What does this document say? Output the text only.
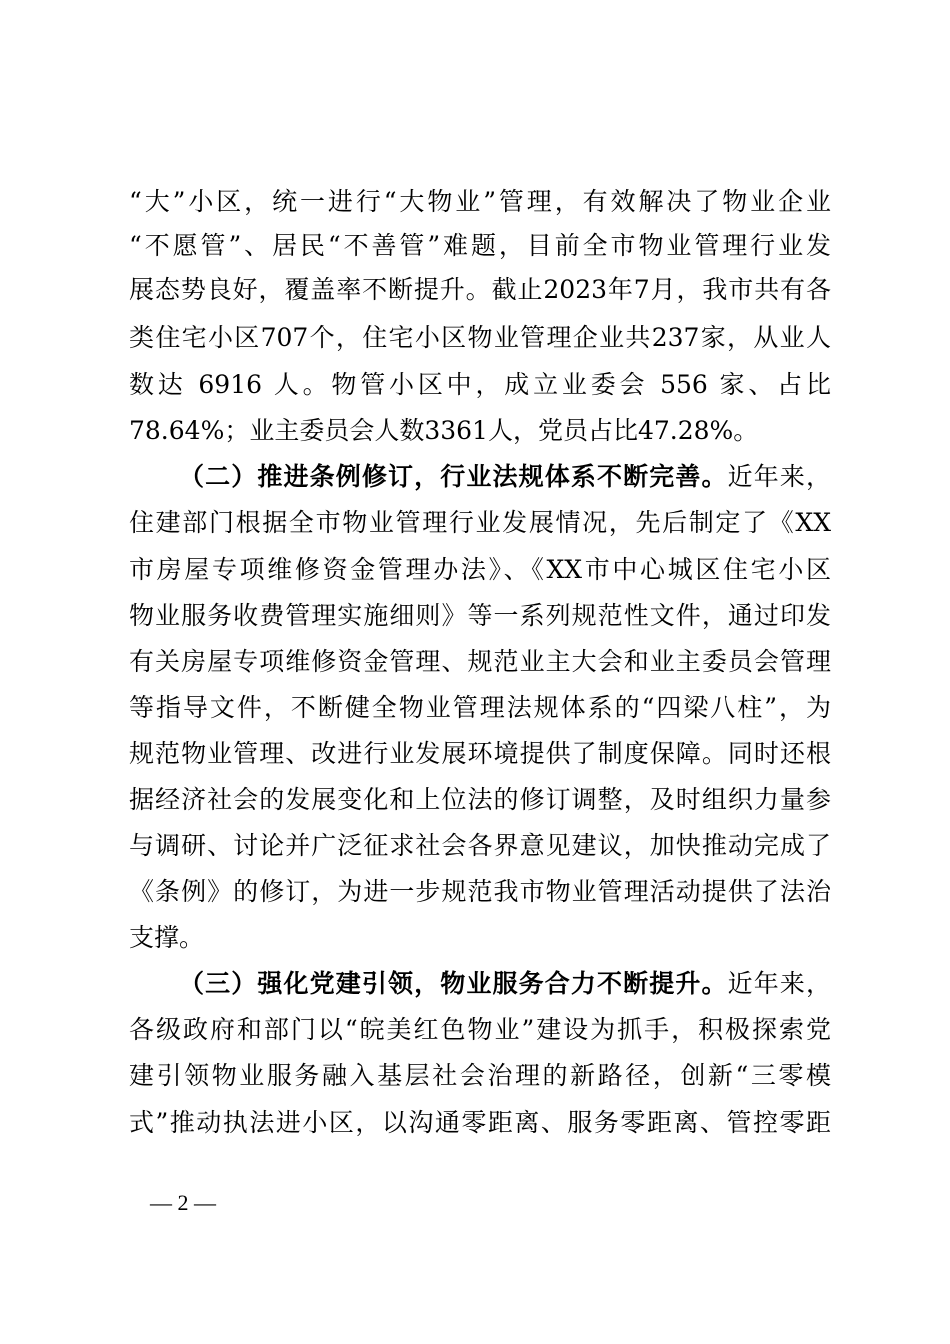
“大”小区，统一进行“大物业”管理，有效解决了物业企业
“不愿管”、居民“不善管”难题，目前全市物业管理行业发
展态势良好，覆盖率不断提升。截止2023年7月，我市共有各
类住宅小区707个，住宅小区物业管理企业共237家，从业人
数达 6916 人。物管小区中，成立业委会 556 家、占比
78.64%；业主委员会人数3361人，党员占比47.28%。
（二）推进条例修订，行业法规体系不断完善。近年来，
住建部门根据全市物业管理行业发展情况，先后制定了《XX
市房屋专项维修资金管理办法》、《XX市中心城区住宅小区
物业服务收费管理实施细则》等一系列规范性文件，通过印发
有关房屋专项维修资金管理、规范业主大会和业主委员会管理
等指导文件，不断健全物业管理法规体系的“四梁八柱”，为
规范物业管理、改进行业发展环境提供了制度保障。同时还根
据经济社会的发展变化和上位法的修订调整，及时组织力量参
与调研、讨论并广泛征求社会各界意见建议，加快推动完成了
《条例》的修订，为进一步规范我市物业管理活动提供了法治
支撑。
（三）强化党建引领，物业服务合力不断提升。近年来，
各级政府和部门以“皖美红色物业”建设为抓手，积极探索党
建引领物业服务融入基层社会治理的新路径，创新“三零模
式”推动执法进小区，以沟通零距离、服务零距离、管控零距
— 2 —
